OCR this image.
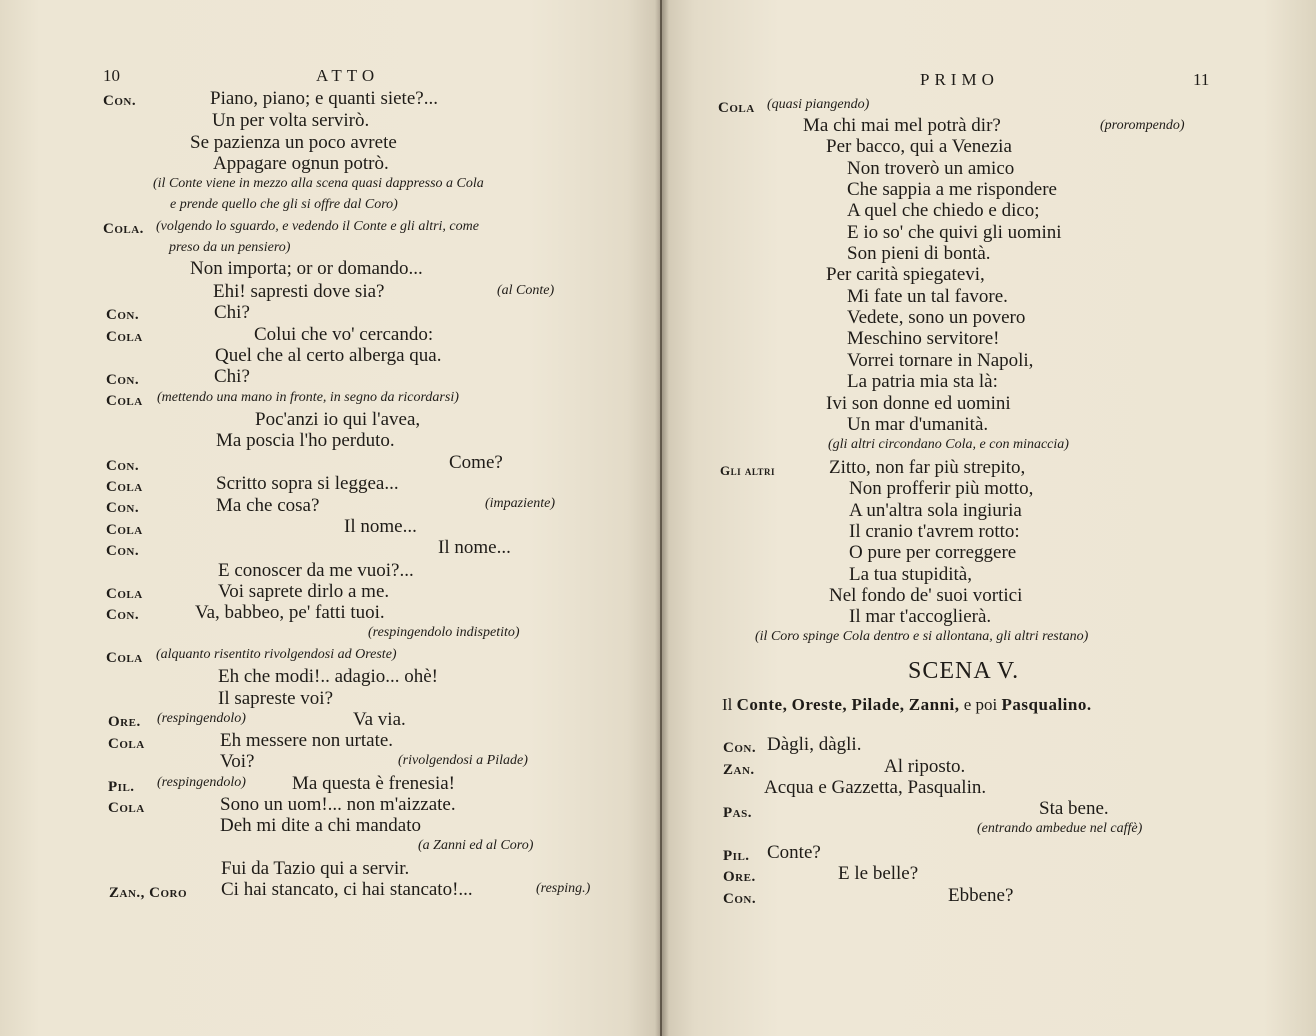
10	ATTO
Con.	Piano, piano; e quanti siete?...
Un per volta servirò.
Se pazienza un poco avrete
Appagare ognun potrò.
(il Conte viene in mezzo alla scena quasi dappresso a Cola
e prende quello che gli si offre dal Coro)
Cola. (volgendo lo sguardo, e vedendo il Conte e gli altri, come
preso da un pensiero)
Non importa; or or domando...
Ehi! sapresti dove sia?	(al Conte)
Con.	Chi?
Cola	Colui che vo' cercando:
Quel che al certo alberga qua.
Con.	Chi?
Cola (mettendo una mano in fronte, in segno da ricordarsi)
Poc'anzi io qui l'avea,
Ma poscia l'ho perduto.
Con.	Come?
Cola	Scritto sopra si leggea...
Con.	Ma che cosa?	(impaziente)
Cola	Il nome...
Con.	Il nome...
E conoscer da me vuoi?...
Cola	Voi saprete dirlo a me.
Con.	Va, babbeo, pe' fatti tuoi.
(respingendolo indispetito)
Cola (alquanto risentito rivolgendosi ad Oreste)
Eh che modi!.. adagio... ohè!
Il sapreste voi?
Ore. (respingendolo)	Va via.
Cola	Eh messere non urtate.
Voi?	(rivolgendosi a Pilade)
Pil. (respingendolo) Ma questa è frenesia!
Cola	Sono un uom!... non m'aizzate.
Deh mi dite a chi mandato
(a Zanni ed al Coro)
Fui da Tazio qui a servir.
Zan., Coro Ci hai stancato, ci hai stancato!...	(resping.)
PRIMO	11
Cola (quasi piangendo)
Ma chi mai mel potrà dir?	(prorompendo)
Per bacco, qui a Venezia
Non troverò un amico
Che sappia a me rispondere
A quel che chiedo e dico;
E io so' che quivi gli uomini
Son pieni di bontà.
Per carità spiegatevi,
Mi fate un tal favore.
Vedete, sono un povero
Meschino servitore!
Vorrei tornare in Napoli,
La patria mia sta là:
Ivi son donne ed uomini
Un mar d'umanità.
(gli altri circondano Cola, e con minaccia)
Gli altri	Zitto, non far più strepito,
Non profferir più motto,
A un'altra sola ingiuria
Il cranio t'avrem rotto:
O pure per correggere
La tua stupidità,
Nel fondo de' suoi vortici
Il mar t'accoglierà.
(il Coro spinge Cola dentro e si allontana, gli altri restano)
SCENA V.
Il Conte, Oreste, Pilade, Zanni, e poi Pasqualino.
Con. Dàgli, dàgli.
Zan.	Al riposto.
Acqua e Gazzetta, Pasqualin.
Pas.	Sta bene.
(entrando ambedue nel caffè)
Pil. Conte?
Ore.	E le belle?
Con.	Ebbene?
